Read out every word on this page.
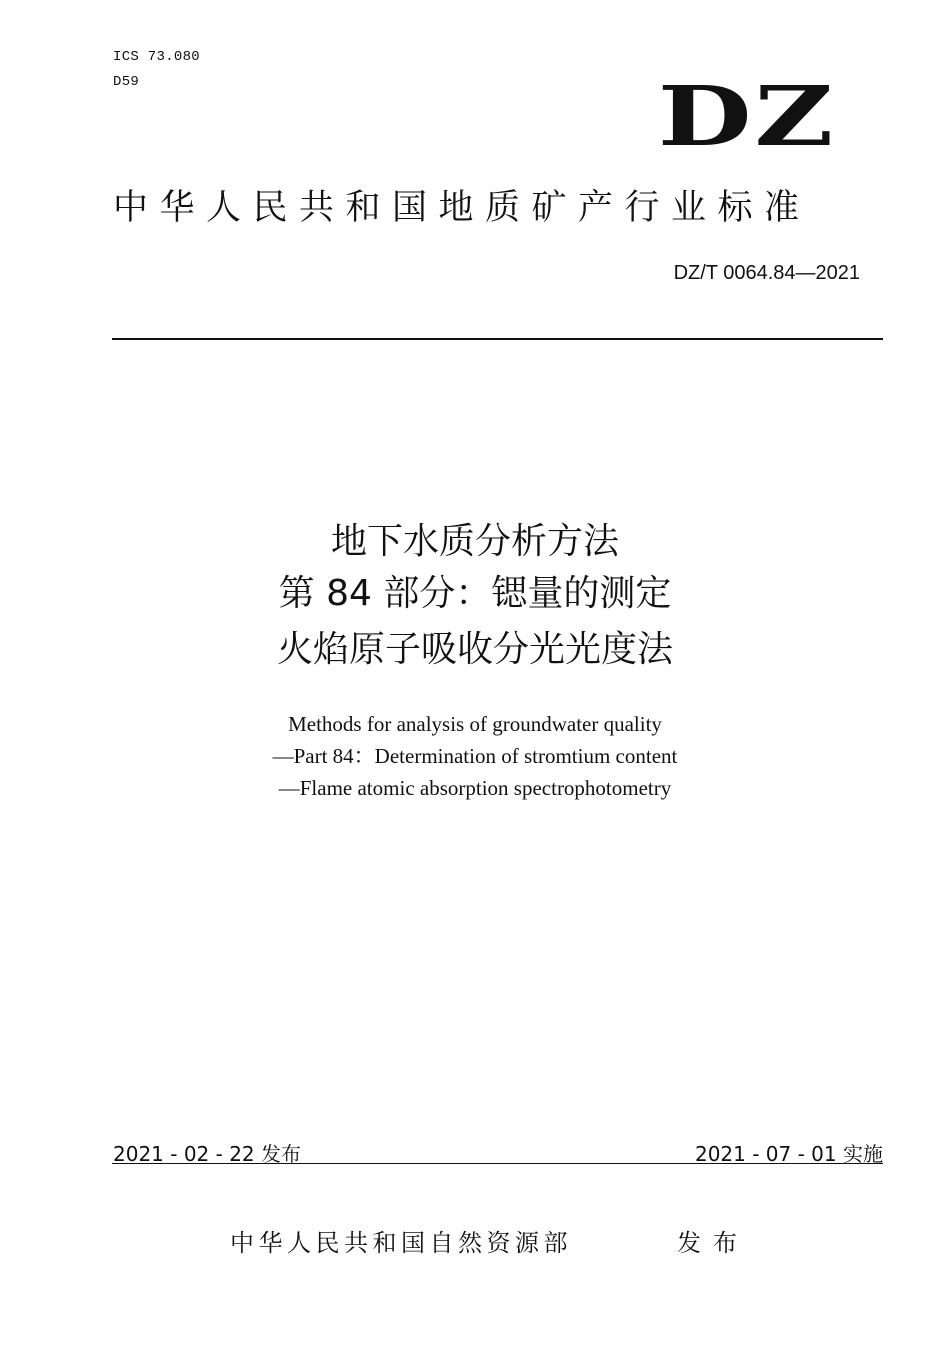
ICS 73.080
D59	DZ
中华人民共和国地质矿产行业标准
DZ/T 0064.84—2021
地下水质分析方法
第 84 部分：锶量的测定
火焰原子吸收分光光度法
Methods for analysis of groundwater quality
—Part 84：Determination of stromtium content
—Flame atomic absorption spectrophotometry
2021 - 02 - 22 发布	2021 - 07 - 01 实施
中华人民共和国自然资源部	发布
